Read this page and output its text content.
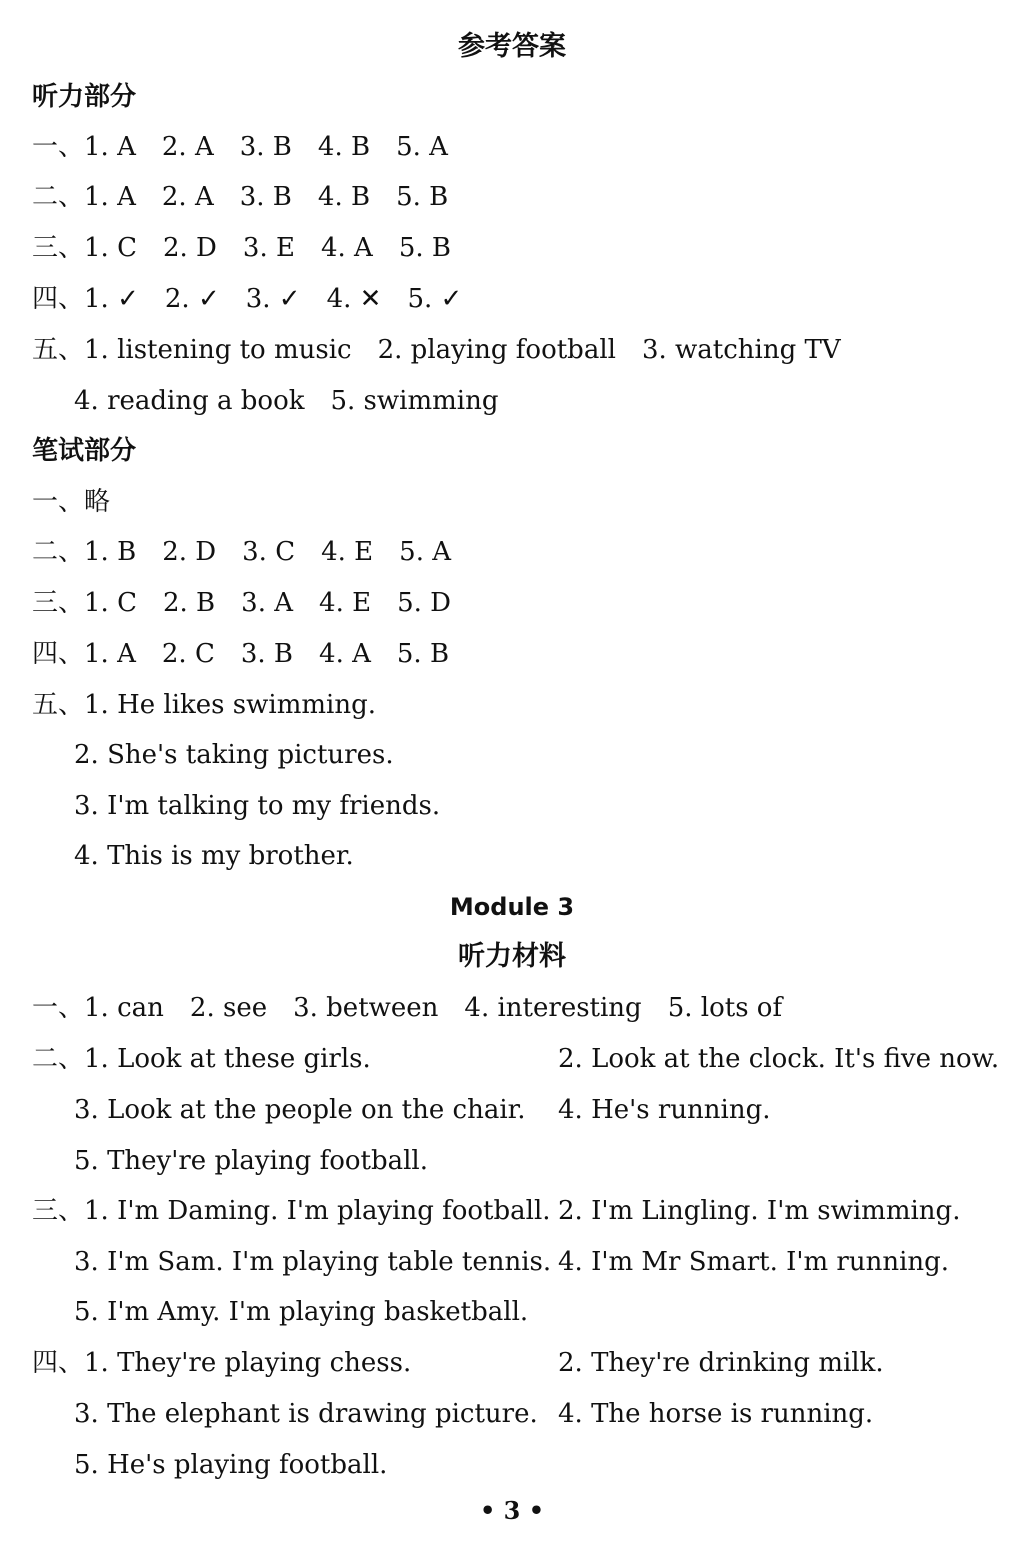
参考答案
听力部分
一、1. A 2. A 3. B 4. B 5. A
二、1. A 2. A 3. B 4. B 5. B
三、1. C 2. D 3. E 4. A 5. B
四、1. ✓ 2. ✓ 3. ✓ 4. ✕ 5. ✓
五、1. listening to music 2. playing football 3. watching TV
4. reading a book 5. swimming
笔试部分
一、略
二、1. B 2. D 3. C 4. E 5. A
三、1. C 2. B 3. A 4. E 5. D
四、1. A 2. C 3. B 4. A 5. B
五、1. He likes swimming.
2. She's taking pictures.
3. I'm talking to my friends.
4. This is my brother.
Module 3
听力材料
一、1. can 2. see 3. between 4. interesting 5. lots of
二、1. Look at these girls.	2. Look at the clock. It's five now.
3. Look at the people on the chair. 4. He's running.
5. They're playing football.
三、1. I'm Daming. I'm playing football. 2. I'm Lingling. I'm swimming.
3. I'm Sam. I'm playing table tennis. 4. I'm Mr Smart. I'm running.
5. I'm Amy. I'm playing basketball.
四、1. They're playing chess.	2. They're drinking milk.
3. The elephant is drawing picture. 4. The horse is running.
5. He's playing football.
• 3 •
